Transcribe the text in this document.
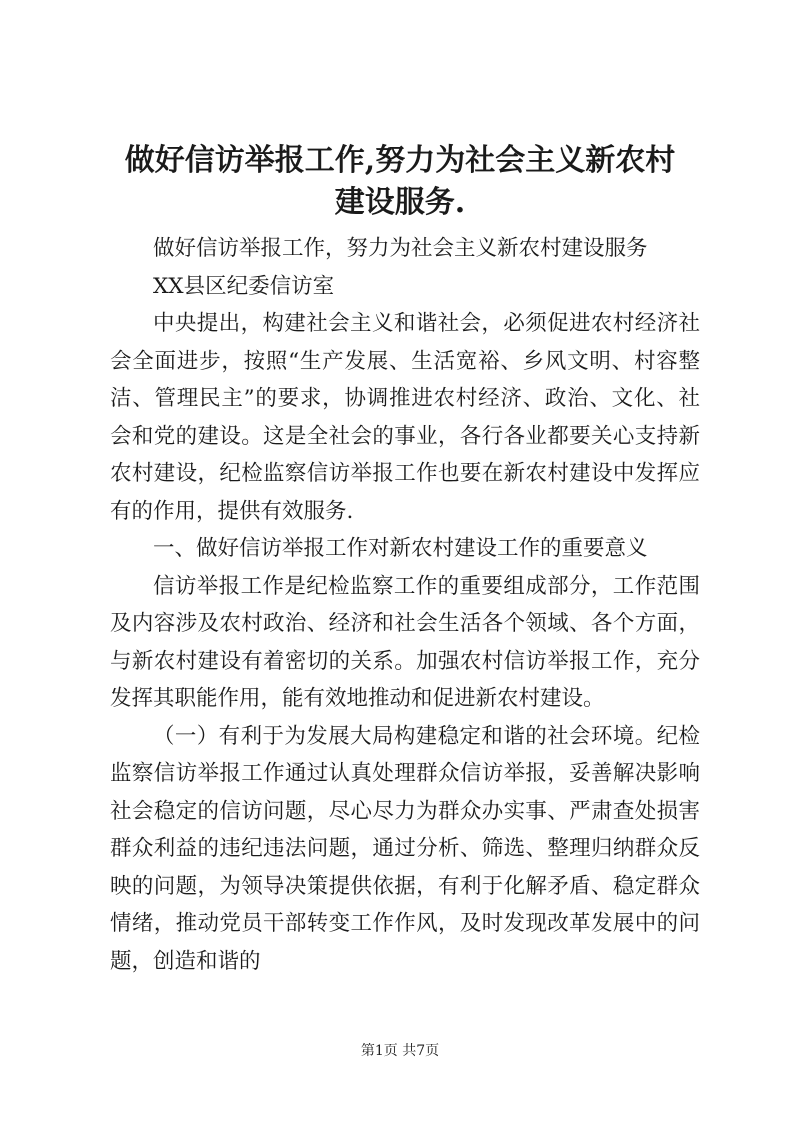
做好信访举报工作,努力为社会主义新农村建设服务.

做好信访举报工作，努力为社会主义新农村建设服务

XX县区纪委信访室

中央提出，构建社会主义和谐社会，必须促进农村经济社会全面进步，按照“生产发展、生活宽裕、乡风文明、村容整洁、管理民主”的要求，协调推进农村经济、政治、文化、社会和党的建设。这是全社会的事业，各行各业都要关心支持新农村建设，纪检监察信访举报工作也要在新农村建设中发挥应有的作用，提供有效服务.

一、做好信访举报工作对新农村建设工作的重要意义

信访举报工作是纪检监察工作的重要组成部分，工作范围及内容涉及农村政治、经济和社会生活各个领域、各个方面，与新农村建设有着密切的关系。加强农村信访举报工作，充分发挥其职能作用，能有效地推动和促进新农村建设。

（一）有利于为发展大局构建稳定和谐的社会环境。纪检监察信访举报工作通过认真处理群众信访举报，妥善解决影响社会稳定的信访问题，尽心尽力为群众办实事、严肃查处损害群众利益的违纪违法问题，通过分析、筛选、整理归纳群众反映的问题，为领导决策提供依据，有利于化解矛盾、稳定群众情绪，推动党员干部转变工作作风，及时发现改革发展中的问题，创造和谐的

第1页 共7页
